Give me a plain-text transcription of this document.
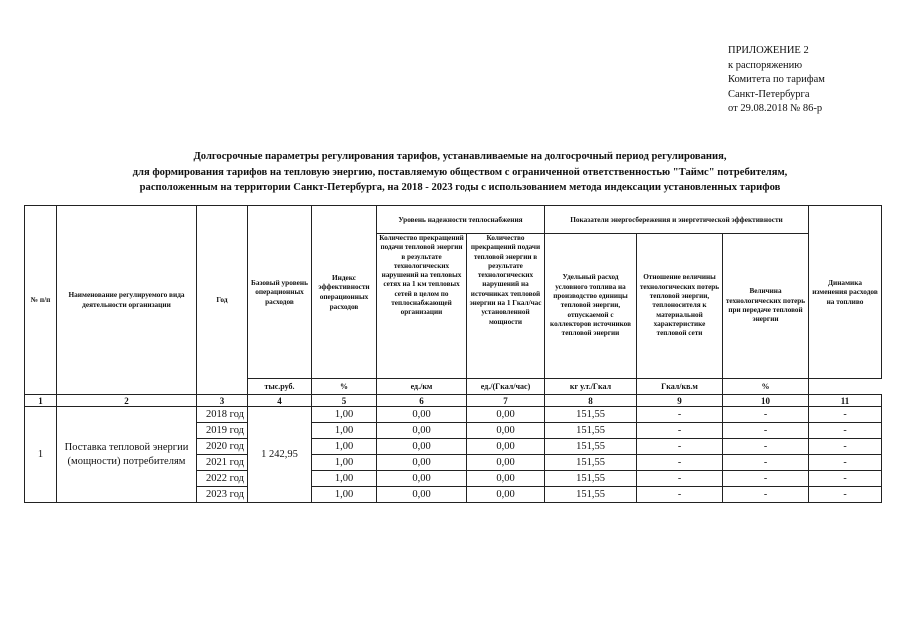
ПРИЛОЖЕНИЕ 2
к распоряжению
Комитета по тарифам
Санкт-Петербурга
от 29.08.2018 № 86-р
Долгосрочные параметры регулирования тарифов, устанавливаемые на долгосрочный период регулирования,
для формирования тарифов на тепловую энергию, поставляемую обществом с ограниченной ответственностью "Таймс" потребителям,
расположенным на территории Санкт-Петербурга, на 2018 - 2023 годы с использованием метода индексации установленных тарифов
№ п/п	Наименование регулируемого вида деятельности организации	Год	Базовый уровень операционных расходов	Индекс эффективности операционных расходов	Уровень надежности теплоснабжения		Показатели энергосбережения и энергетической эффективности			Динамика изменения расходов на топливо

					Количество прекращений подачи тепловой энергии в результате технологических нарушений на тепловых сетях на 1 км тепловых сетей в целом по теплоснабжающей организации	Количество прекращений подачи тепловой энергии в результате технологических нарушений на источниках тепловой энергии на 1 Гкал/час установленной мощности	Удельный расход условного топлива на производство единицы тепловой энергии, отпускаемой с коллекторов источников тепловой энергии	Отношение величины технологических потерь тепловой энергии, теплоносителя к материальной характеристике тепловой сети	Величина технологических потерь при передаче тепловой энергии	
			тыс.руб.	%	ед./км	ед./(Гкал/час)	кг у.т./Гкал	Гкал/кв.м	%	
1	2	3	4	5	6	7	8	9	10	11
1	Поставка тепловой энергии (мощности) потребителям	2018 год	1 242,95	1,00	0,00	0,00	151,55	-	-	-
		2019 год		1,00	0,00	0,00	151,55	-	-	-
		2020 год		1,00	0,00	0,00	151,55	-	-	-
		2021 год		1,00	0,00	0,00	151,55	-	-	-
		2022 год		1,00	0,00	0,00	151,55	-	-	-
		2023 год		1,00	0,00	0,00	151,55	-	-	-
